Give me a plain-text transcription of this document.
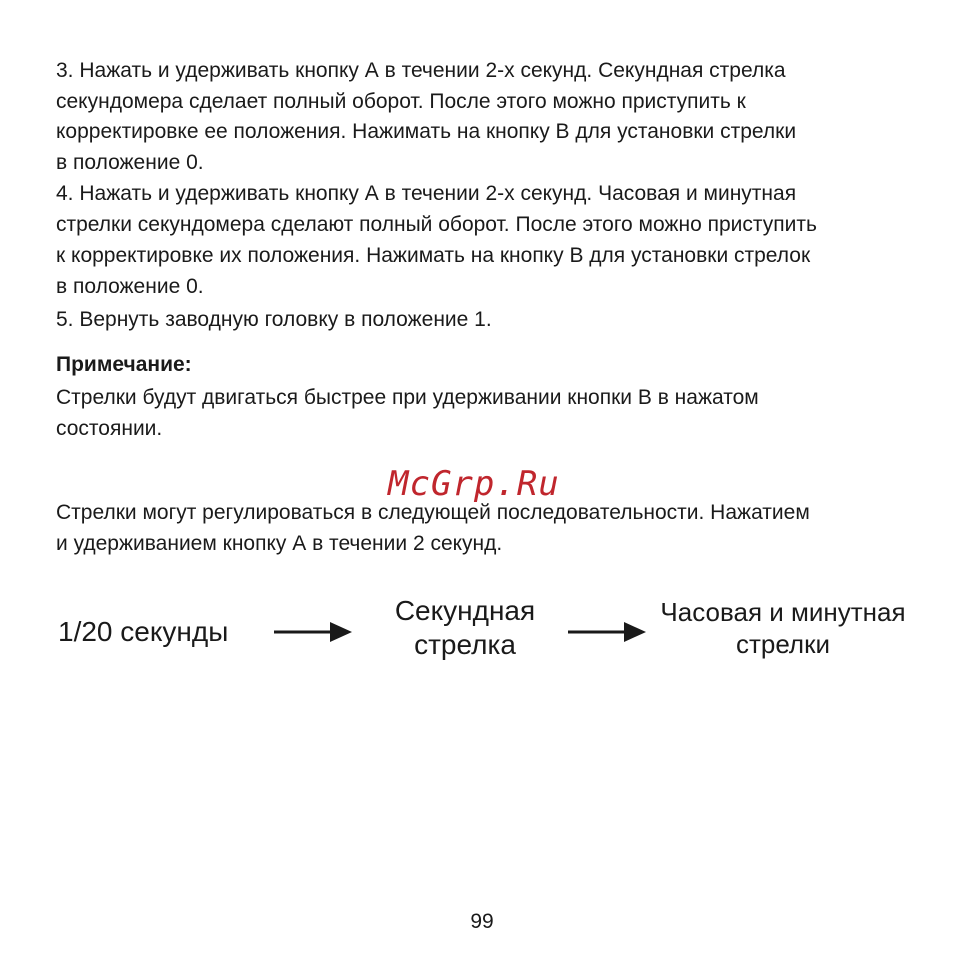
3. Нажать и удерживать кнопку А в течении 2-х секунд. Секундная стрелка
секундомера сделает полный оборот. После этого можно приступить к
корректировке ее положения. Нажимать на кнопку В для установки стрелки
в положение 0.
4. Нажать и удерживать кнопку А в течении 2-х секунд. Часовая и минутная
стрелки секундомера сделают полный оборот. После этого можно приступить
к корректировке их положения. Нажимать на кнопку В для установки стрелок
в положение 0.
5. Вернуть заводную головку в положение 1.
Примечание:
Стрелки будут двигаться быстрее при удерживании кнопки В в нажатом
состоянии.
McGrp.Ru
Стрелки могут регулироваться в следующей последовательности. Нажатием
и удерживанием кнопку А в течении 2 секунд.
1/20 секунды
Секундная
стрелка
Часовая и минутная
стрелки
99
